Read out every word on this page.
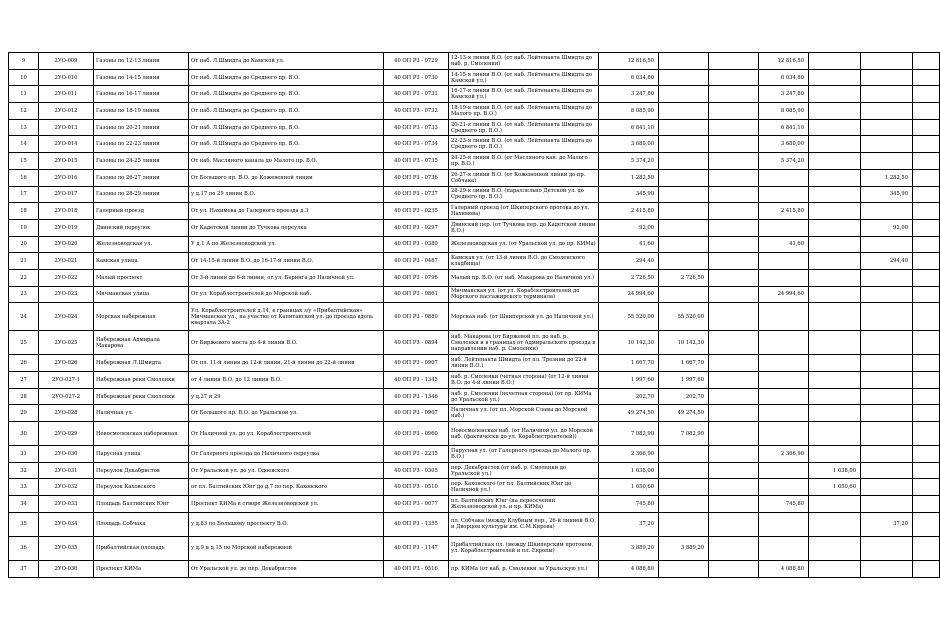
9	2УО-009	Газоны по 12-13 линии	От наб. Л.Шмидта до Камской ул.	40 ОП РЗ - 0729	12-13-я линии В.О. (от наб. Лейтенанта Шмидта до наб. р. Смоленки)	12 816,50			12 816,50			
10	2УО-010	Газоны по 14-15 линии	От наб. Л.Шмидта до Среднего пр. В.О.	40 ОП РЗ - 0730	14-15-я линии В.О. (от наб. Лейтенанта Шмидта до Камской ул.)	6 034,80			6 034,80			
11	2УО-011	Газоны по 16-17 линии	От наб. Л.Шмидта до Среднего пр. В.О.	40 ОП РЗ - 0731	16-17-я линии В.О. (от наб. Лейтенанта Шмидта до Камской ул.)	3 247,80			3 247,80			
12	2УО-012	Газоны по 18-19 линии	От наб. Л.Шмидта до Среднего пр. В.О.	40 ОП РЗ - 0732	18-19-я линии В.О. (от наб. Лейтенанта Шмидта до Малого пр. В.О.)	8 085,90			8 085,90			
13	2УО-013	Газоны по 20-21 линии	От наб. Л.Шмидта до Среднего пр. В.О.	40 ОП РЗ - 0733	20-21-я линии В.О. (от наб. Лейтенанта Шмидта до Среднего пр. В.О.)	6 841,10			6 841,10			
14	2УО-014	Газоны по 22-23 линии	От наб. Л.Шмидта до Среднего пр. В.О.	40 ОП РЗ - 0734	22-23-я линии В.О. (от наб. Лейтенанта Шмидта до Среднего пр. В.О.)	3 680,00			3 680,00			
15	2УО-015	Газоны по 24-25 линии	От наб. Масляного канала до Малого пр. В.О.	40 ОП РЗ - 0735	24-25-я линии В.О. (от Масляного кан. до Малого пр. В.О.)	5 374,20			5 374,20			
16	2УО-016	Газоны по 26-27 линии	От Большого пр. В.О. до Кожевенной линии	40 ОП РЗ - 0736	26-27-я линии В.О. (от Кожевенной линии до пр. Собчака)	1 282,50					1 282,50	
17	2УО-017	Газоны по 28-29 линии	у д.17 по 29 линии В.О.	40 ОП РЗ - 0737	28-29-я линии В.О. (параллельно Детской ул. до Среднего пр. В.О.)	345,90					345,90	
18	2УО-018	Галерный проезд	От ул. Нахимова до Галерного проезда д.3	40 ОП РЗ - 0235	Галерный проезд (от Шкиперского протока до ул. Нахимова)	2 415,80			2 415,80			
19	2УО-019	Двинский переулок	От Кадетской линии до Тучкова переулка	40 ОП РЗ - 0297	Двинский пер. (от Тучкова пер. до Кадетской линии В.О.)	92,00					92,00	
20	2УО-020	Железноводская ул.	У д.1 А по Железноводской ул.	40 ОП РЗ - 0380	Железноводская ул. (от Уральской ул. до пр. КИМа)	41,60			41,60			
21	2УО-021	Камская улица	От 14-15-й линии В.О. до 16-17-й линии В.О.	40 ОП РЗ - 0487	Камская ул. (от 13-й линии В.О. до Смоленского кладбища)	294,40					294,40	
22	2УО-022	Малый проспект	От 3-й линии до 6-й линии, от ул. Беринга до Наличной ул.	40 ОП РЗ - 0796	Малый пр. В.О. (от наб. Макарова до Наличной ул.)	2 726,50	2 726,50					
23	2УО-023	Мичманская улица	От ул. Кораблестроителей до Морской наб.	40 ОП РЗ - 0861	Мичманская ул. (от ул. Кораблестроителей до Морского пассажирского терминала)	24 994,60			24 994,60			
24	2УО-024	Морская набережная	Ул. Кораблестроителей д.14, в границах з/у «Прибалтийская» Мичманская ул., на участке от Капитанской ул. до проезда вдоль квартала 3А-2	40 ОП РЗ - 0880	Морская наб. (от Шкиперской ул. до Наличной ул.)	55 520,00	55 520,00					
25	2УО-025	Набережная Адмирала Макарова	От Биржевого моста до 4-й линии В.О.	40 ОП РЗ - 0894	наб. Макарова (от Биржевой пл. до наб. р. Смоленки и в границах от Адмиральского проезда в направлении наб. р. Смоленки)	10 142,30	10 142,30					
26	2УО-026	Набережная Л.Шмидта	От пл. 11-й линии до 12-й линии, 21-й линии до 22-й линии	40 ОП РЗ - 0907	наб. Лейтенанта Шмидта (от пл. Трезини до 22-й линии В.О.)	1 667,70	1 667,70					
27	2УО-027-1	Набережная реки Смоленки	от 4 линии В.О. до 12 линии В.О.	40 ОП РЗ - 1345	наб. р. Смоленки (четная сторона) (от 12-й линии В.О. до 4-й линии В.О.)	1 997,60	1 997,60					
28	2УО-027-2	Набережная реки Смоленки	у д.27 и 29	40 ОП РЗ - 1346	наб. р. Смоленки (нечетная сторона) (от пр. КИМа до Уральской ул.)	202,70	202,70					
29	2УО-028	Наличная ул.	От Большого пр. В.О. до Уральской ул.	40 ОП РЗ - 0907	Наличная ул. (от пл. Морской Славы до Морской наб.)	49 274,50	49 274,50					
30	2УО-029	Новосмоленская набережная	От Наличной ул. до ул. Кораблестроителей	40 ОП РЗ - 0960	Новосмоленская наб. (от Наличной ул. до Морской наб. (фактически до ул. Кораблестроителей))	7 082,90	7 082,90					
31	2УО-030	Парусная улица	От Галерного проезда до Наличного переулка	40 ОП РЗ - 2235	Парусная ул. (от Галерного проезда до Малого пр. В.О.)	2 366,90			2 366,90			
32	2УО-031	Переулок Декабристов	От Уральской ул. до ул. Одоевского	40 ОП РЗ - 0305	пер. Декабристов (от наб. р. Смоленки до Уральской ул.)	1 638,00				1 638,00		
33	2УО-032	Переулок Каховского	от пл. Балтийских Юнг до д.7 по пер. Каховского	40 ОП РЗ - 0510	пер. Каховского (от пл. Балтийских Юнг до Наличной ул.)	1 650,60				1 650,60		
34	2УО-033	Площадь Балтийских Юнг	Проспект КИМа в створе Железноводской ул.	40 ОП РЗ - 0077	пл. Балтийских Юнг (на пересечении Железноводской ул. и пр. КИМа)	745,80			745,80			
35	2УО-034	Площадь Собчака	у д.83 по Большому проспекту В.О.	40 ОП РЗ - 1355	пл. Собчака (между Клубным пер., 26-й линией В.О. и Дворцом культуры им. С.М.Кирова)	37,20					37,20	
36	2УО-035	Прибалтийская площадь	у д.9 и д.15 по Морской набережной	40 ОП РЗ - 1147	Прибалтийская пл. (между Шкиперским протоком, ул. Кораблестроителей и пл. Европы)	3 889,20	3 889,20					
37	2УО-036	Проспект КИМа	От Уральской ул. до пер. Декабристов	40 ОП РЗ - 0516	пр. КИМа (от наб. р. Смоленки за Уральскую ул.)	4 088,80			4 088,80			
